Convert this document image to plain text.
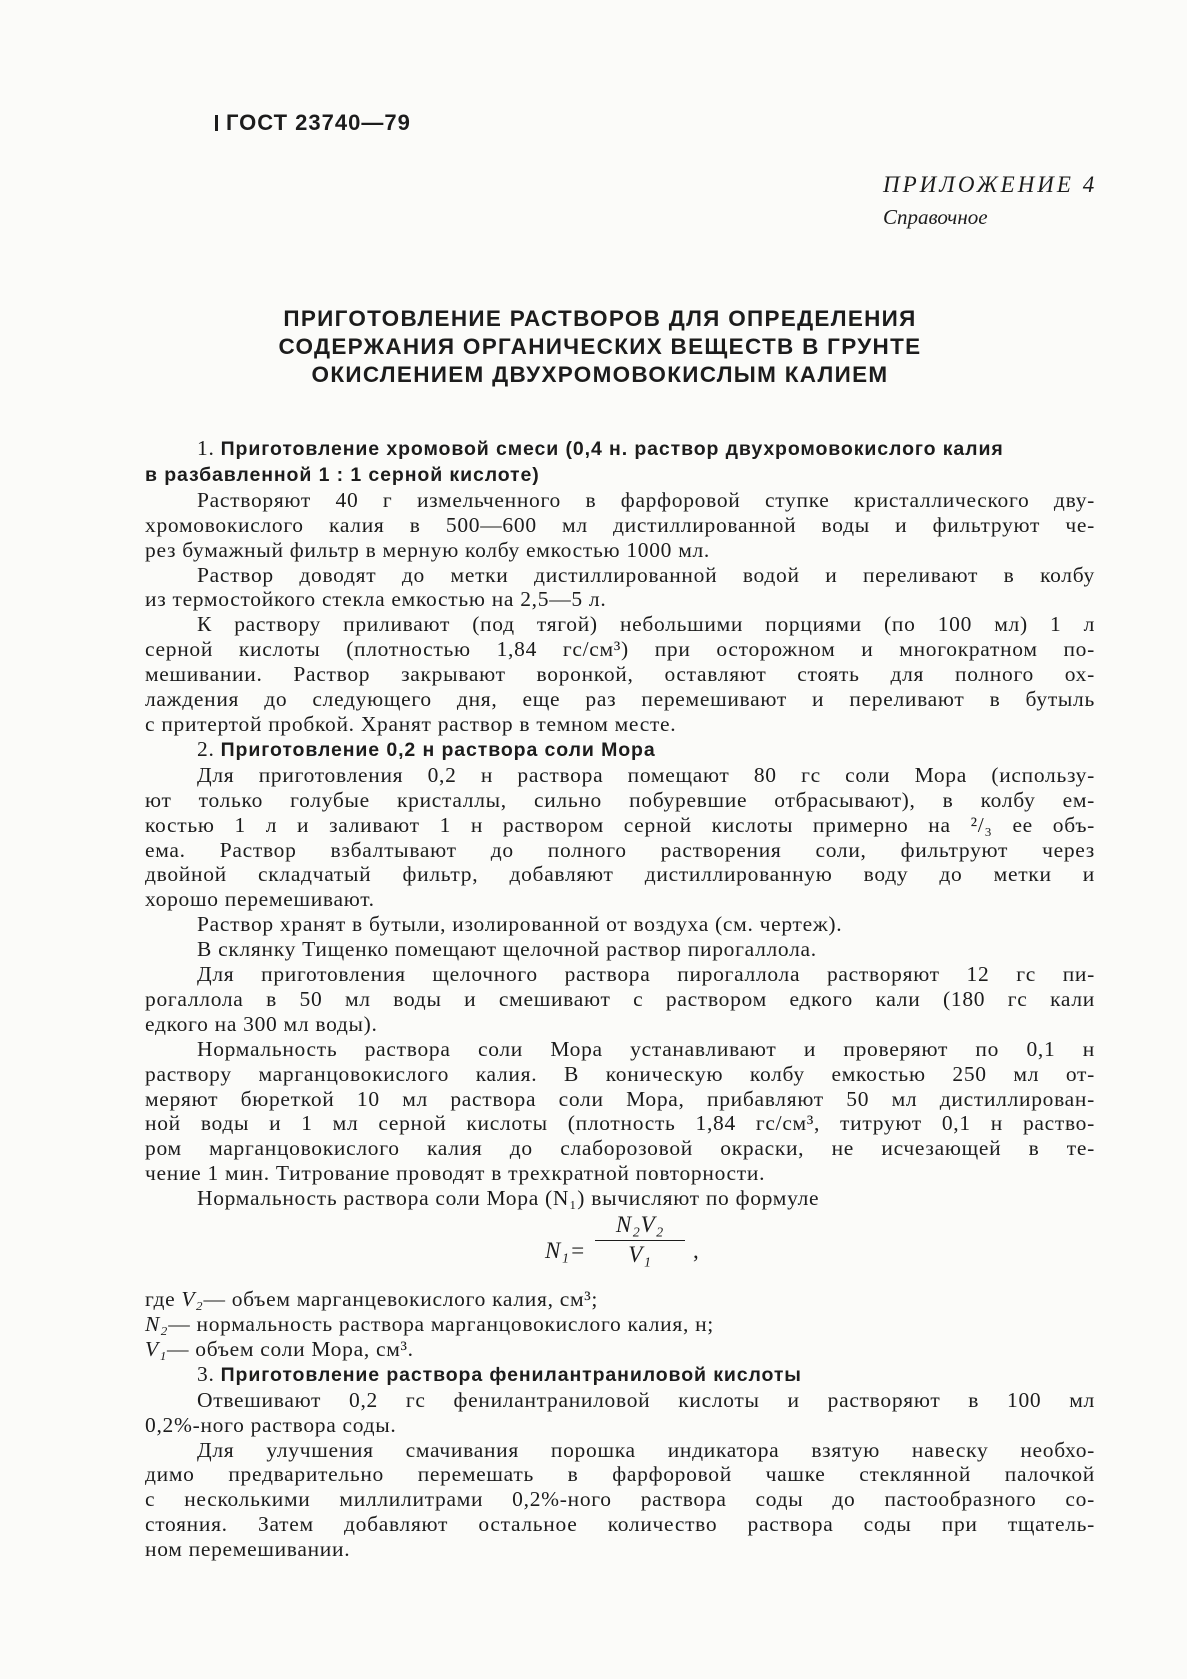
ГОСТ 23740—79
ПРИЛОЖЕНИЕ 4
Справочное
ПРИГОТОВЛЕНИЕ РАСТВОРОВ ДЛЯ ОПРЕДЕЛЕНИЯ
СОДЕРЖАНИЯ ОРГАНИЧЕСКИХ ВЕЩЕСТВ В ГРУНТЕ
ОКИСЛЕНИЕМ ДВУХРОМОВОКИСЛЫМ КАЛИЕМ
1. Приготовление хромовой смеси (0,4 н. раствор двухромовокислого калия
в разбавленной 1 : 1 серной кислоте)
Растворяют 40 г измельченного в фарфоровой ступке кристаллического дву-
хромовокислого калия в 500—600 мл дистиллированной воды и фильтруют че-
рез бумажный фильтр в мерную колбу емкостью 1000 мл.
Раствор доводят до метки дистиллированной водой и переливают в колбу
из термостойкого стекла емкостью на 2,5—5 л.
К раствору приливают (под тягой) небольшими порциями (по 100 мл) 1 л
серной кислоты (плотностью 1,84 гс/см³) при осторожном и многократном по-
мешивании. Раствор закрывают воронкой, оставляют стоять для полного ох-
лаждения до следующего дня, еще раз перемешивают и переливают в бутыль
с притертой пробкой. Хранят раствор в темном месте.
2. Приготовление 0,2 н раствора соли Мора
Для приготовления 0,2 н раствора помещают 80 гс соли Мора (использу-
ют только голубые кристаллы, сильно побуревшие отбрасывают), в колбу ем-
костью 1 л и заливают 1 н раствором серной кислоты примерно на ²/₃ ее объ-
ема. Раствор взбалтывают до полного растворения соли, фильтруют через
двойной складчатый фильтр, добавляют дистиллированную воду до метки и
хорошо перемешивают.
Раствор хранят в бутыли, изолированной от воздуха (см. чертеж).
В склянку Тищенко помещают щелочной раствор пирогаллола.
Для приготовления щелочного раствора пирогаллола растворяют 12 гс пи-
рогаллола в 50 мл воды и смешивают с раствором едкого кали (180 гс кали
едкого на 300 мл воды).
Нормальность раствора соли Мора устанавливают и проверяют по 0,1 н
раствору марганцовокислого калия. В коническую колбу емкостью 250 мл от-
меряют бюреткой 10 мл раствора соли Мора, прибавляют 50 мл дистиллирован-
ной воды и 1 мл серной кислоты (плотность 1,84 гс/см³, титруют 0,1 н раство-
ром марганцовокислого калия до слаборозовой окраски, не исчезающей в те-
чение 1 мин. Титрование проводят в трехкратной повторности.
Нормальность раствора соли Мора (N₁) вычисляют по формуле
$N_1= \frac{\text{N₂V₂}}{\text{V₁}}$ ,
где V₂— объем марганцевокислого калия, см³;
N₂— нормальность раствора марганцовокислого калия, н;
V₁— объем соли Мора, см³.
3. Приготовление раствора фенилантраниловой кислоты
Отвешивают 0,2 гс фенилантраниловой кислоты и растворяют в 100 мл
0,2%-ного раствора соды.
Для улучшения смачивания порошка индикатора взятую навеску необхо-
димо предварительно перемешать в фарфоровой чашке стеклянной палочкой
с несколькими миллилитрами 0,2%-ного раствора соды до пастообразного со-
стояния. Затем добавляют остальное количество раствора соды при тщатель-
ном перемешивании.
